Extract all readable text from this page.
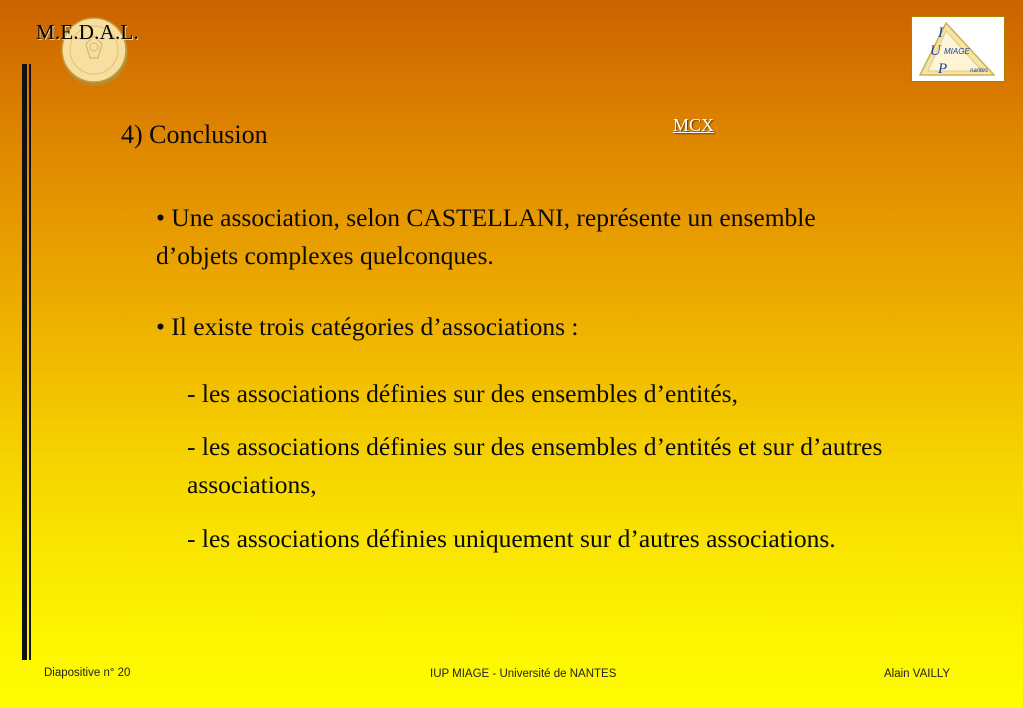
M.E.D.A.L.	I
U MIAGE
P	nantes
4) Conclusion	MCX
• Une association, selon CASTELLANI, représente un ensemble d’objets complexes quelconques.
• Il existe trois catégories d’associations :
- les associations définies sur des ensembles d’entités,
- les associations définies sur des ensembles d’entités et sur d’autres associations,
- les associations définies uniquement sur d’autres associations.
Diapositive n° 20	IUP MIAGE - Université de NANTES	Alain VAILLY
